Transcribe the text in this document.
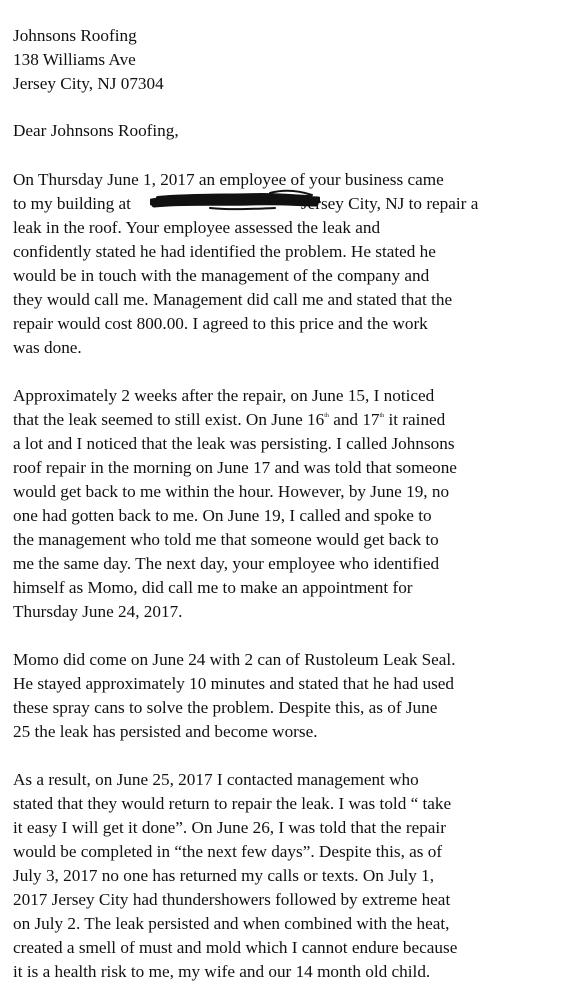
Johnsons Roofing
138 Williams Ave
Jersey City, NJ 07304
Dear Johnsons Roofing,
On Thursday June 1, 2017 an employee of your business came
to my building at	Jersey City, NJ to repair a
leak in the roof. Your employee assessed the leak and
confidently stated he had identified the problem. He stated he
would be in touch with the management of the company and
they would call me. Management did call me and stated that the
repair would cost 800.00. I agreed to this price and the work
was done.
Approximately 2 weeks after the repair, on June 15, I noticed
that the leak seemed to still exist. On June 16th and 17th it rained
a lot and I noticed that the leak was persisting. I called Johnsons
roof repair in the morning on June 17 and was told that someone
would get back to me within the hour. However, by June 19, no
one had gotten back to me. On June 19, I called and spoke to
the management who told me that someone would get back to
me the same day. The next day, your employee who identified
himself as Momo, did call me to make an appointment for
Thursday June 24, 2017.
Momo did come on June 24 with 2 can of Rustoleum Leak Seal.
He stayed approximately 10 minutes and stated that he had used
these spray cans to solve the problem. Despite this, as of June
25 the leak has persisted and become worse.
As a result, on June 25, 2017 I contacted management who
stated that they would return to repair the leak. I was told “ take
it easy I will get it done”. On June 26, I was told that the repair
would be completed in “the next few days”. Despite this, as of
July 3, 2017 no one has returned my calls or texts. On July 1,
2017 Jersey City had thundershowers followed by extreme heat
on July 2. The leak persisted and when combined with the heat,
created a smell of must and mold which I cannot endure because
it is a health risk to me, my wife and our 14 month old child.
